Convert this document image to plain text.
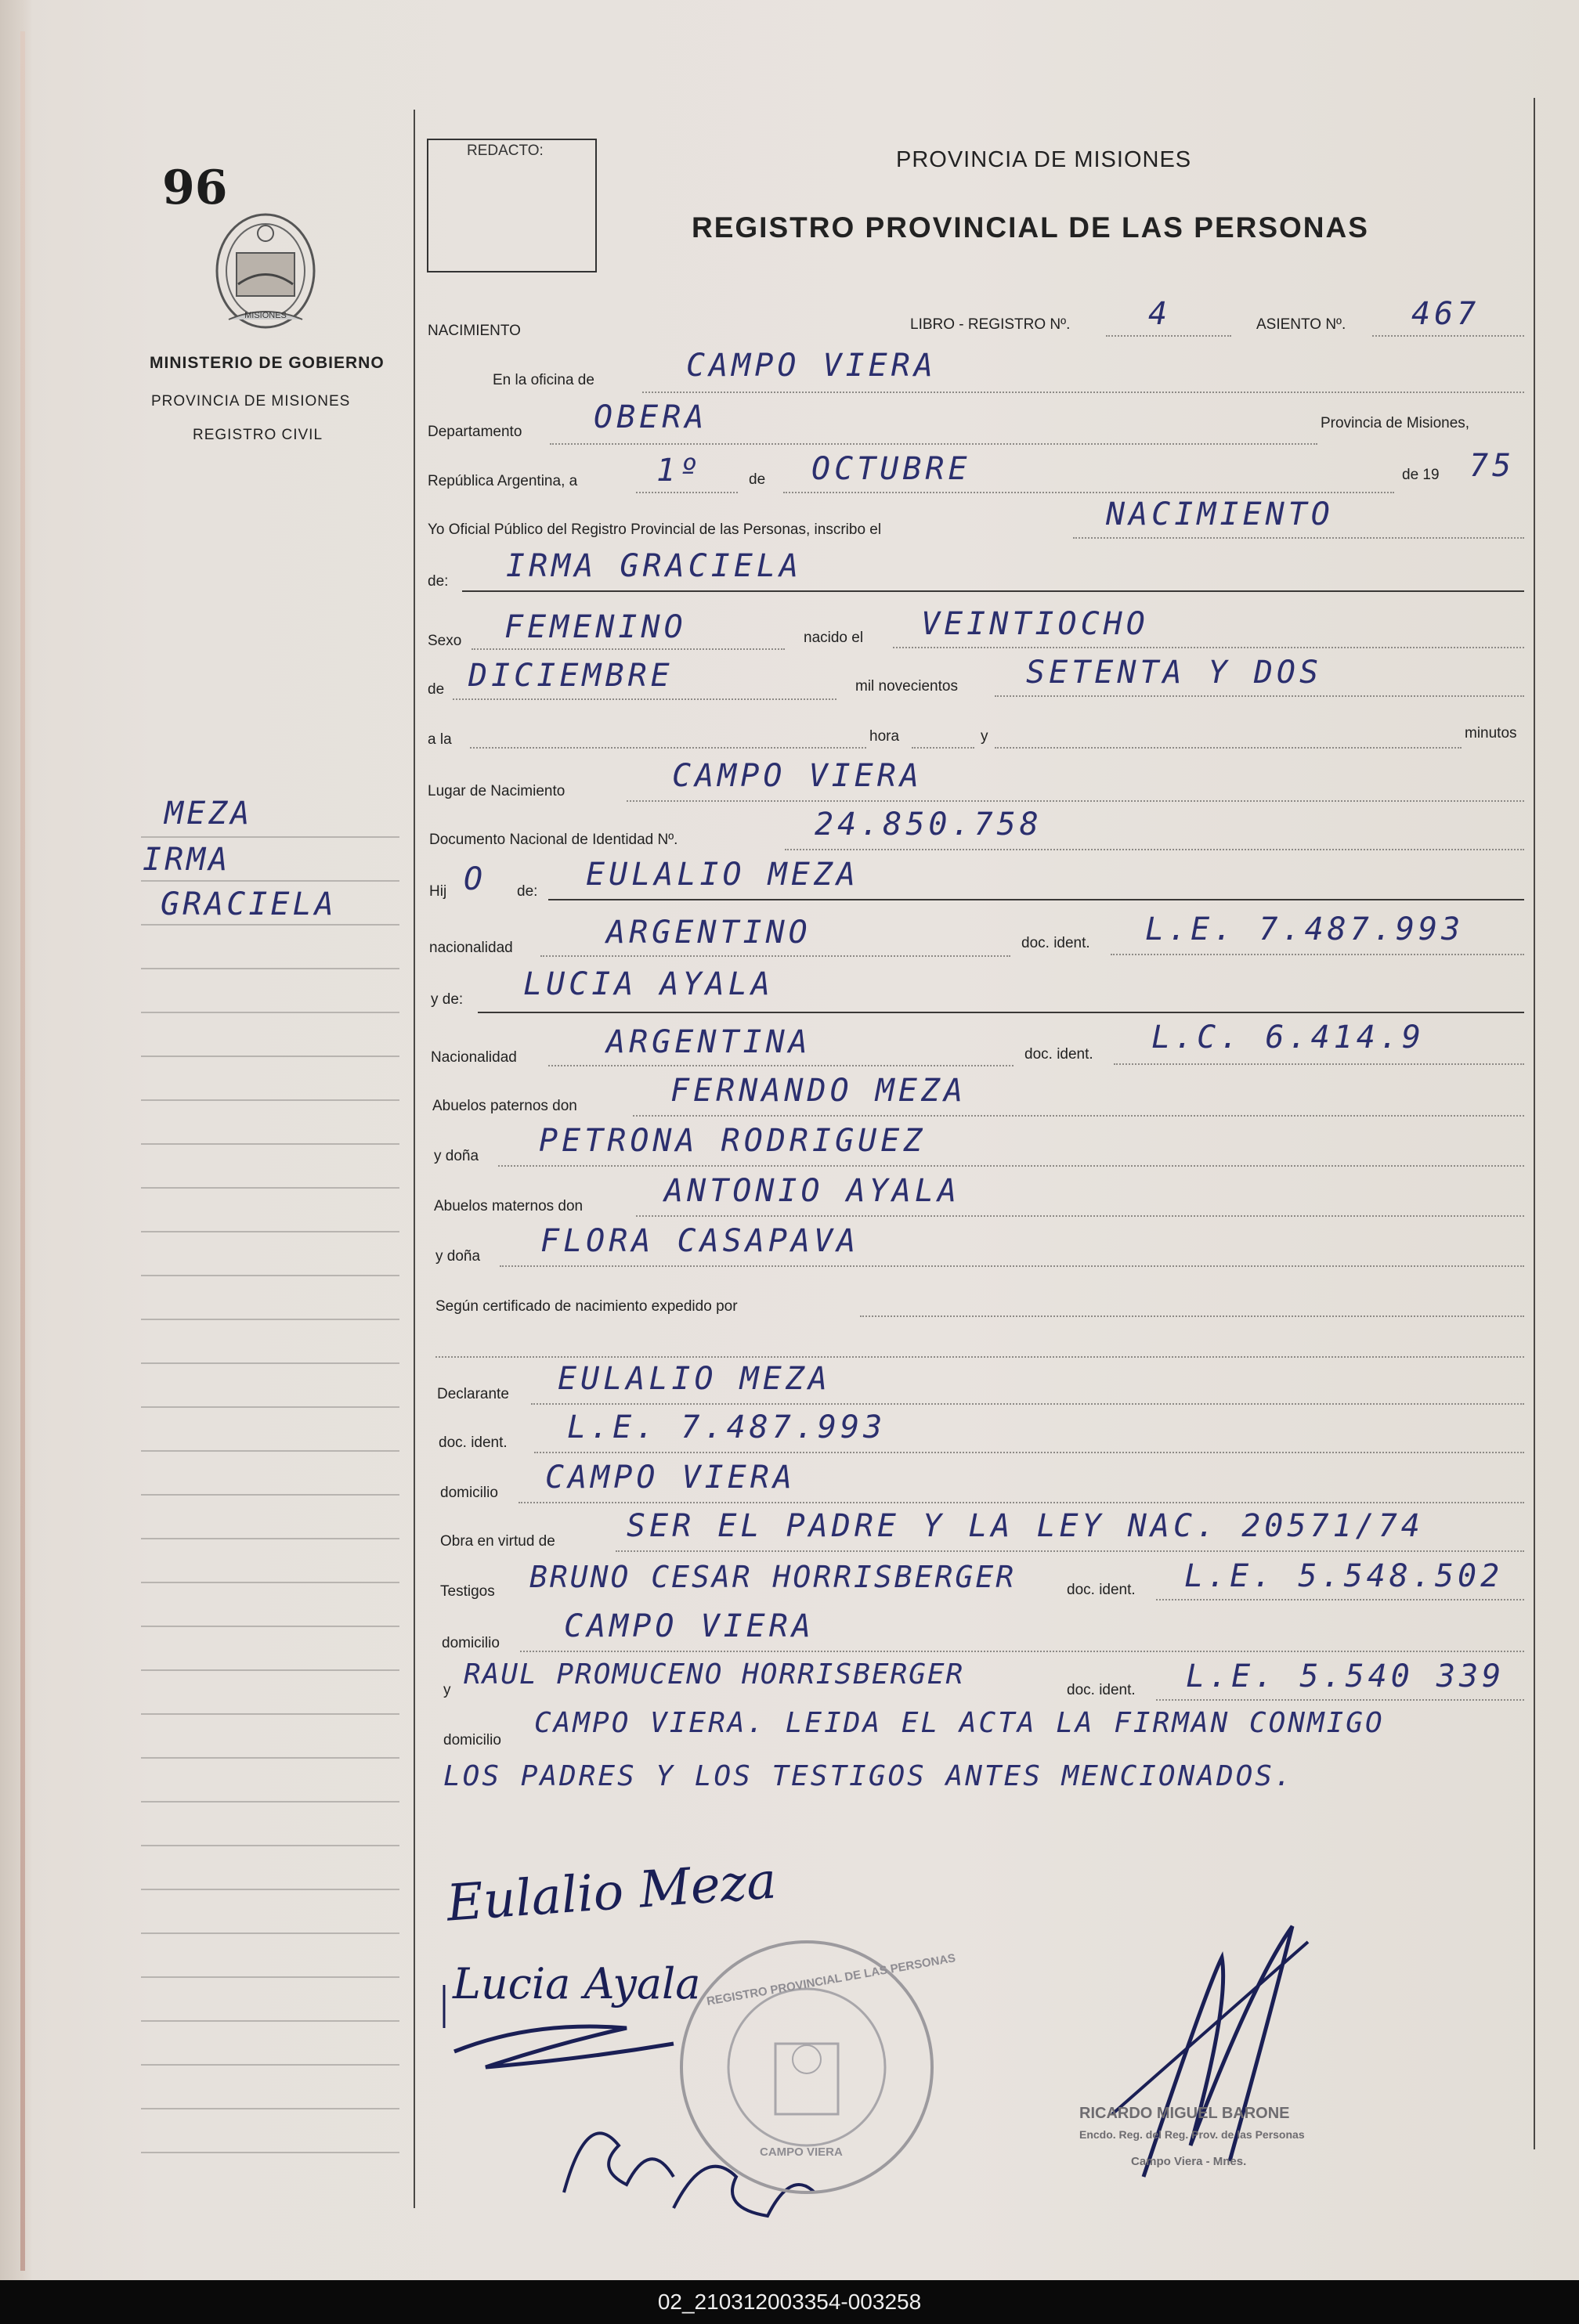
96
MISIONES
MINISTERIO DE GOBIERNO
PROVINCIA DE MISIONES
REGISTRO CIVIL
MEZA
IRMA
GRACIELA
REDACTO:	PROVINCIA DE MISIONES
REGISTRO PROVINCIAL DE LAS PERSONAS
NACIMIENTO	LIBRO - REGISTRO Nº. 4	ASIENTO Nº. 467
En la oficina de	CAMPO VIERA
Departamento OBERA	Provincia de Misiones,
República Argentina, a	1º	de OCTUBRE	de 19 75
Yo Oficial Público del Registro Provincial de las Personas, inscribo el	NACIMIENTO
de: IRMA GRACIELA
Sexo FEMENINO	nacido el VEINTIOCHO
de DICIEMBRE	mil novecientos SETENTA Y DOS
a la	hora	y	minutos
Lugar de Nacimiento	CAMPO VIERA
Documento Nacional de Identidad Nº.	24.850.758
Hij O de: EULALIO MEZA
nacionalidad	ARGENTINO	doc. ident. L.E. 7.487.993
y de: LUCIA AYALA
Nacionalidad	ARGENTINA	doc. ident. L.C. 6.414.9
Abuelos paternos don	FERNANDO MEZA
y doña PETRONA RODRIGUEZ
Abuelos maternos don	ANTONIO AYALA
y doña FLORA CASAPAVA
Según certificado de nacimiento expedido por
Declarante EULALIO MEZA
doc. ident. L.E. 7.487.993
domicilio CAMPO VIERA
Obra en virtud de SER EL PADRE Y LA LEY NAC. 20571/74
Testigos BRUNO CESAR HORRISBERGER	doc. ident. L.E. 5.548.502
domicilio CAMPO VIERA
y RAUL PROMUCENO HORRISBERGER	doc. ident. L.E. 5.540 339
domicilio
CAMPO VIERA. LEIDA EL ACTA LA FIRMAN CONMIGO
LOS PADRES Y LOS TESTIGOS ANTES MENCIONADOS.
Eulalio Meza
Lucia Ayala REGISTRO PROVINCIAL DE LAS PERSONAS
CAMPO VIERA
RICARDO MIGUEL BARONE
Encdo. Reg. del Reg. Prov. de las Personas
Campo Viera - Mnes.
02_210312003354-003258
